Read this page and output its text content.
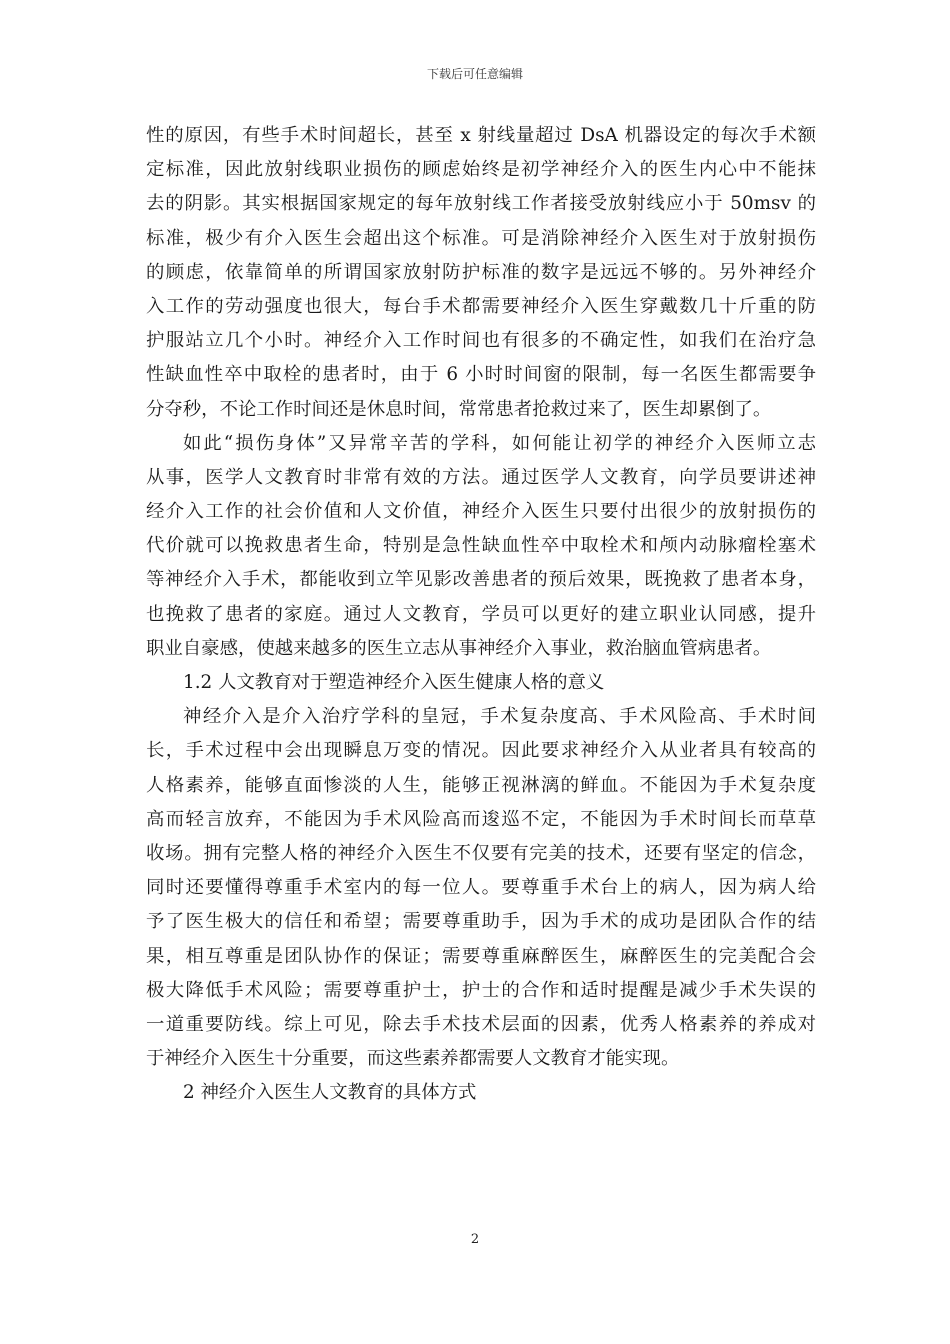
下载后可任意编辑
性的原因，有些手术时间超长，甚至 x 射线量超过 DsA 机器设定的每次手术额
定标准，因此放射线职业损伤的顾虑始终是初学神经介入的医生内心中不能抹
去的阴影。其实根据国家规定的每年放射线工作者接受放射线应小于 50msv 的
标准，极少有介入医生会超出这个标准。可是消除神经介入医生对于放射损伤
的顾虑，依靠简单的所谓国家放射防护标准的数字是远远不够的。另外神经介
入工作的劳动强度也很大，每台手术都需要神经介入医生穿戴数几十斤重的防
护服站立几个小时。神经介入工作时间也有很多的不确定性，如我们在治疗急
性缺血性卒中取栓的患者时，由于 6 小时时间窗的限制，每一名医生都需要争
分夺秒，不论工作时间还是休息时间，常常患者抢救过来了，医生却累倒了。
如此“损伤身体”又异常辛苦的学科，如何能让初学的神经介入医师立志
从事，医学人文教育时非常有效的方法。通过医学人文教育，向学员要讲述神
经介入工作的社会价值和人文价值，神经介入医生只要付出很少的放射损伤的
代价就可以挽救患者生命，特别是急性缺血性卒中取栓术和颅内动脉瘤栓塞术
等神经介入手术，都能收到立竿见影改善患者的预后效果，既挽救了患者本身，
也挽救了患者的家庭。通过人文教育，学员可以更好的建立职业认同感，提升
职业自豪感，使越来越多的医生立志从事神经介入事业，救治脑血管病患者。
1.2 人文教育对于塑造神经介入医生健康人格的意义
神经介入是介入治疗学科的皇冠，手术复杂度高、手术风险高、手术时间
长，手术过程中会出现瞬息万变的情况。因此要求神经介入从业者具有较高的
人格素养，能够直面惨淡的人生，能够正视淋漓的鲜血。不能因为手术复杂度
高而轻言放弃，不能因为手术风险高而逡巡不定，不能因为手术时间长而草草
收场。拥有完整人格的神经介入医生不仅要有完美的技术，还要有坚定的信念，
同时还要懂得尊重手术室内的每一位人。要尊重手术台上的病人，因为病人给
予了医生极大的信任和希望；需要尊重助手，因为手术的成功是团队合作的结
果，相互尊重是团队协作的保证；需要尊重麻醉医生，麻醉医生的完美配合会
极大降低手术风险；需要尊重护士，护士的合作和适时提醒是减少手术失误的
一道重要防线。综上可见，除去手术技术层面的因素，优秀人格素养的养成对
于神经介入医生十分重要，而这些素养都需要人文教育才能实现。
2 神经介入医生人文教育的具体方式
2
